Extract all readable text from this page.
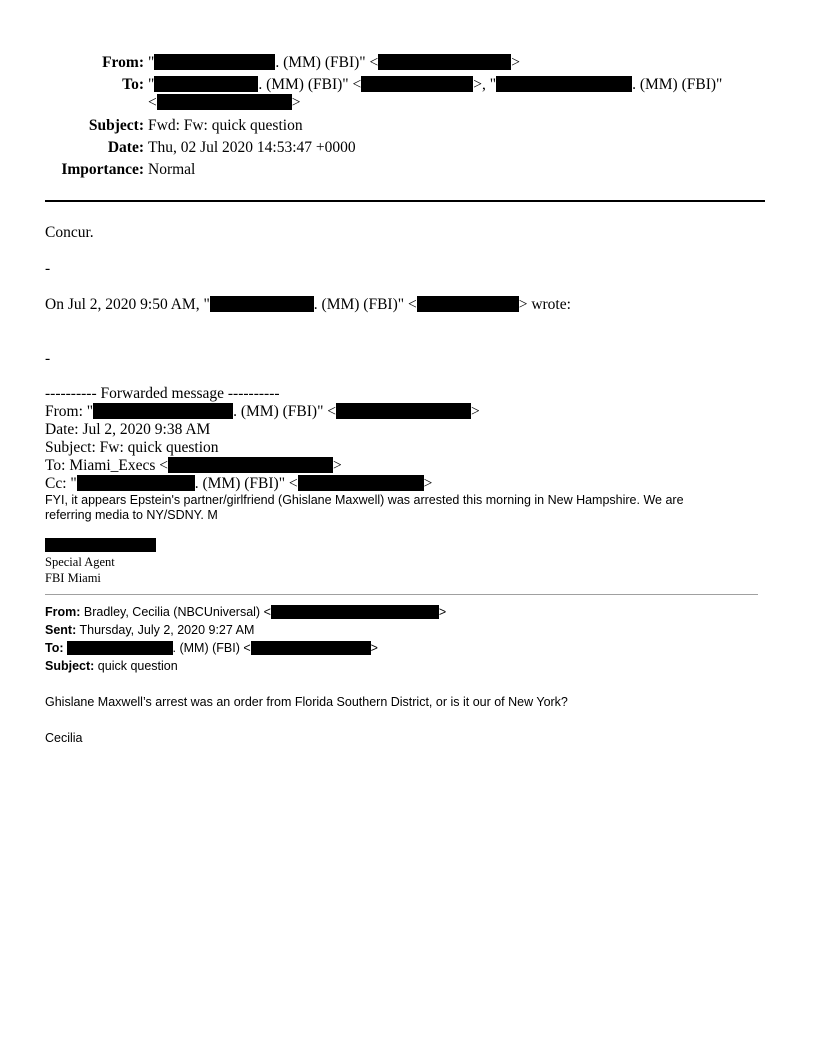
From: "	. (MM) (FBI)" <	>
To: "	. (MM) (FBI)" <	>, "	. (MM) (FBI)"
<	>
Subject: Fwd: Fw: quick question
Date: Thu, 02 Jul 2020 14:53:47 +0000
Importance: Normal
Concur.
-
On Jul 2, 2020 9:50 AM, "	. (MM) (FBI)" <	> wrote:
-
---------- Forwarded message ----------
From: "	. (MM) (FBI)" <	>
Date: Jul 2, 2020 9:38 AM
Subject: Fw: quick question
To: Miami_Execs <	>
Cc: "	. (MM) (FBI)" <	>
FYI, it appears Epstein's partner/girlfriend (Ghislane Maxwell) was arrested this morning in New Hampshire. We are
referring media to NY/SDNY. M
Special Agent
FBI Miami
From: Bradley, Cecilia (NBCUniversal) <	>
Sent: Thursday, July 2, 2020 9:27 AM
To:	. (MM) (FBI) <	>
Subject: quick question
Ghislane Maxwell’s arrest was an order from Florida Southern District, or is it our of New York?
Cecilia
